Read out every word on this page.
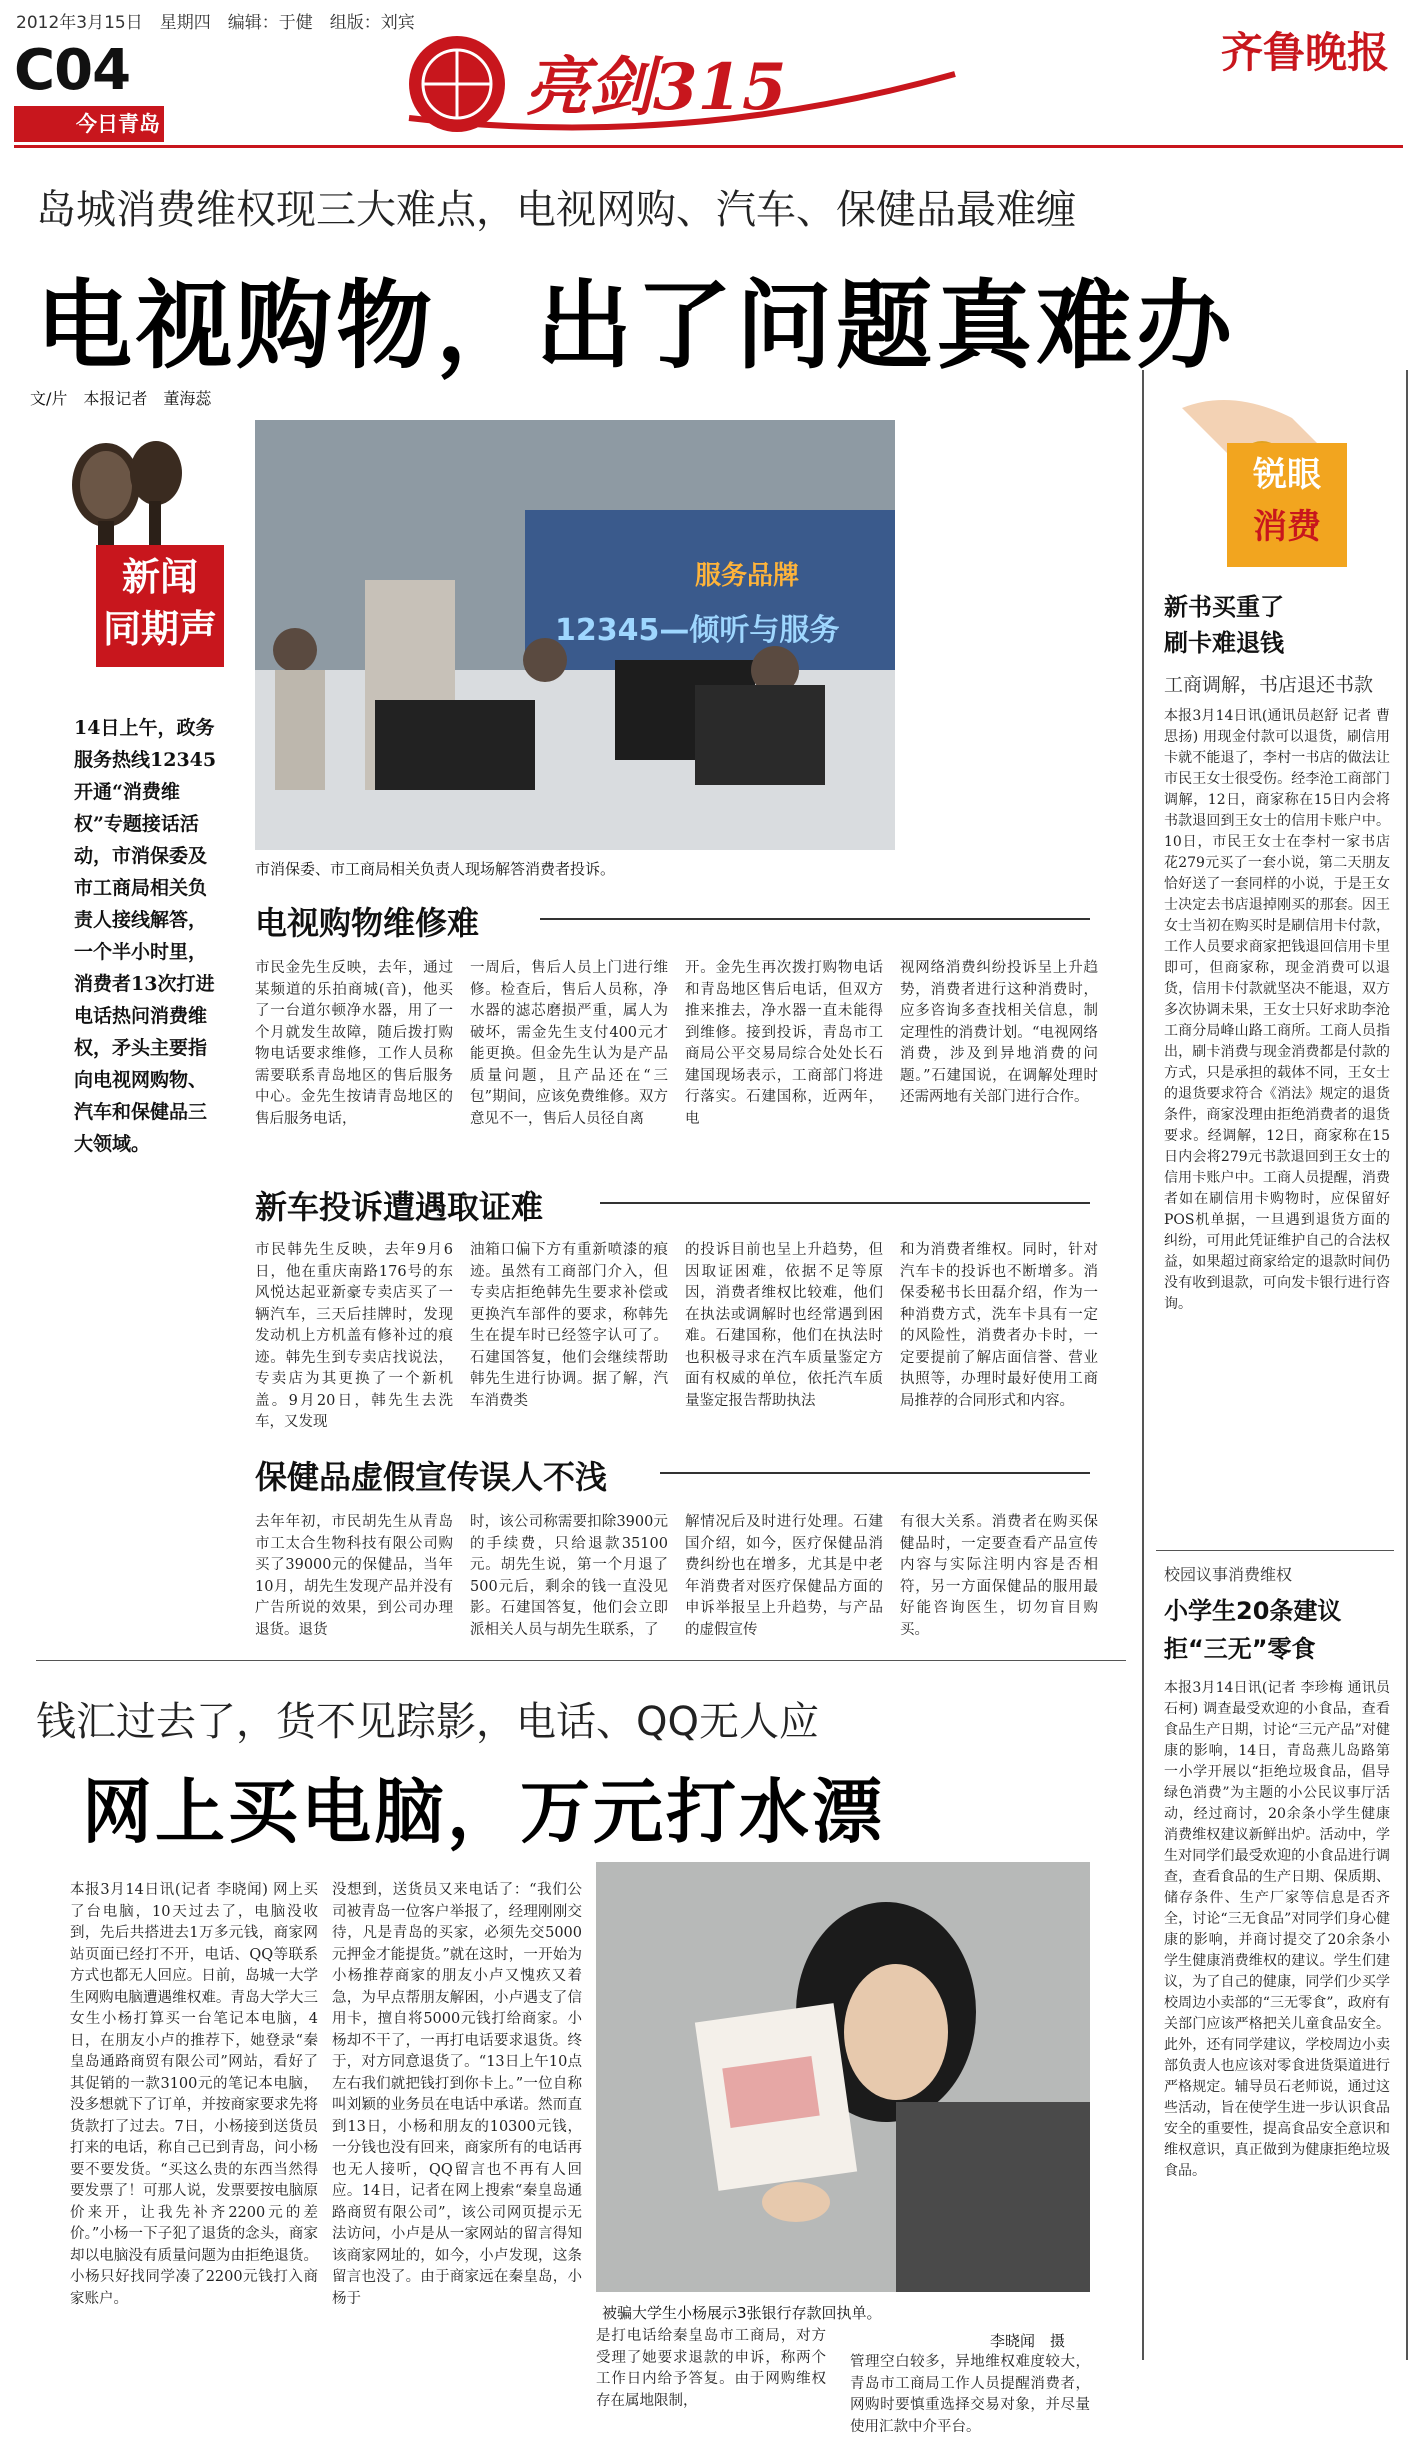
2012年3月15日　星期四　编辑：于健　组版：刘宾
C04
今日青岛	亮剑315	齐鲁晚报
岛城消费维权现三大难点，电视网购、汽车、保健品最难缠
电视购物，出了问题真难办
文/片　本报记者　董海蕊
新闻
同期声
14日上午，政务服务热线12345开通“消费维权”专题接话活动，市消保委及市工商局相关负责人接线解答，一个半小时里，消费者13次打进电话热问消费维权，矛头主要指向电视网购物、汽车和保健品三大领域。
服务品牌
12345—倾听与服务
市消保委、市工商局相关负责人现场解答消费者投诉。
电视购物维修难
市民金先生反映，去年，通过某频道的乐拍商城(音)，他买了一台道尔顿净水器，用了一个月就发生故障，随后拨打购物电话要求维修，工作人员称需要联系青岛地区的售后服务中心。金先生按请青岛地区的售后服务电话，
一周后，售后人员上门进行维修。检查后，售后人员称，净水器的滤芯磨损严重，属人为破坏，需金先生支付400元才能更换。但金先生认为是产品质量问题，且产品还在“三包”期间，应该免费维修。双方意见不一，售后人员径自离
开。金先生再次拨打购物电话和青岛地区售后电话，但双方推来推去，净水器一直未能得到维修。接到投诉，青岛市工商局公平交易局综合处处长石建国现场表示，工商部门将进行落实。石建国称，近两年，电
视网络消费纠纷投诉呈上升趋势，消费者进行这种消费时，应多咨询多查找相关信息，制定理性的消费计划。“电视网络消费，涉及到异地消费的问题。”石建国说，在调解处理时还需两地有关部门进行合作。
新车投诉遭遇取证难
市民韩先生反映，去年9月6日，他在重庆南路176号的东风悦达起亚新豪专卖店买了一辆汽车，三天后挂牌时，发现发动机上方机盖有修补过的痕迹。韩先生到专卖店找说法，专卖店为其更换了一个新机盖。9月20日，韩先生去洗车，又发现
油箱口偏下方有重新喷漆的痕迹。虽然有工商部门介入，但专卖店拒绝韩先生要求补偿或更换汽车部件的要求，称韩先生在提车时已经签字认可了。石建国答复，他们会继续帮助韩先生进行协调。据了解，汽车消费类
的投诉目前也呈上升趋势，但因取证困难，依据不足等原因，消费者维权比较难，他们在执法或调解时也经常遇到困难。石建国称，他们在执法时也积极寻求在汽车质量鉴定方面有权威的单位，依托汽车质量鉴定报告帮助执法
和为消费者维权。同时，针对汽车卡的投诉也不断增多。消保委秘书长田磊介绍，作为一种消费方式，洗车卡具有一定的风险性，消费者办卡时，一定要提前了解店面信誉、营业执照等，办理时最好使用工商局推荐的合同形式和内容。
保健品虚假宣传误人不浅
去年年初，市民胡先生从青岛市工太合生物科技有限公司购买了39000元的保健品，当年10月，胡先生发现产品并没有广告所说的效果，到公司办理退货。退货
时，该公司称需要扣除3900元的手续费，只给退款35100元。胡先生说，第一个月退了500元后，剩余的钱一直没见影。石建国答复，他们会立即派相关人员与胡先生联系，了
解情况后及时进行处理。石建国介绍，如今，医疗保健品消费纠纷也在增多，尤其是中老年消费者对医疗保健品方面的申诉举报呈上升趋势，与产品的虚假宣传
有很大关系。消费者在购买保健品时，一定要查看产品宣传内容与实际注明内容是否相符，另一方面保健品的服用最好能咨询医生，切勿盲目购买。
锐眼
消费
新书买重了
刷卡难退钱
工商调解，书店退还书款
本报3月14日讯(通讯员赵舒 记者 曹思扬) 用现金付款可以退货，刷信用卡就不能退了，李村一书店的做法让市民王女士很受伤。经李沧工商部门调解，12日，商家称在15日内会将书款退回到王女士的信用卡账户中。10日，市民王女士在李村一家书店花279元买了一套小说，第二天朋友恰好送了一套同样的小说，于是王女士决定去书店退掉刚买的那套。因王女士当初在购买时是刷信用卡付款，工作人员要求商家把钱退回信用卡里即可，但商家称，现金消费可以退货，信用卡付款就坚决不能退，双方多次协调未果，王女士只好求助李沧工商分局峰山路工商所。工商人员指出，刷卡消费与现金消费都是付款的方式，只是承担的载体不同，王女士的退货要求符合《消法》规定的退货条件，商家没理由拒绝消费者的退货要求。经调解，12日，商家称在15日内会将279元书款退回到王女士的信用卡账户中。工商人员提醒，消费者如在刷信用卡购物时，应保留好POS机单据，一旦遇到退货方面的纠纷，可用此凭证维护自己的合法权益，如果超过商家给定的退款时间仍没有收到退款，可向发卡银行进行咨询。
校园议事消费维权
小学生20条建议
拒“三无”零食
本报3月14日讯(记者 李珍梅 通讯员 石柯) 调查最受欢迎的小食品，查看食品生产日期，讨论“三元产品”对健康的影响，14日，青岛燕儿岛路第一小学开展以“拒绝垃圾食品，倡导绿色消费”为主题的小公民议事厅活动，经过商讨，20余条小学生健康消费维权建议新鲜出炉。活动中，学生对同学们最受欢迎的小食品进行调查，查看食品的生产日期、保质期、储存条件、生产厂家等信息是否齐全，讨论“三无食品”对同学们身心健康的影响，并商讨提交了20余条小学生健康消费维权的建议。学生们建议，为了自己的健康，同学们少买学校周边小卖部的“三无零食”，政府有关部门应该严格把关儿童食品安全。此外，还有同学建议，学校周边小卖部负责人也应该对零食进货渠道进行严格规定。辅导员石老师说，通过这些活动，旨在使学生进一步认识食品安全的重要性，提高食品安全意识和维权意识，真正做到为健康拒绝垃圾食品。
钱汇过去了，货不见踪影，电话、QQ无人应
网上买电脑，万元打水漂
本报3月14日讯(记者 李晓闻) 网上买了台电脑，10天过去了，电脑没收到，先后共搭进去1万多元钱，商家网站页面已经打不开，电话、QQ等联系方式也都无人回应。日前，岛城一大学生网购电脑遭遇维权难。青岛大学大三女生小杨打算买一台笔记本电脑，4日，在朋友小卢的推荐下，她登录“秦皇岛通路商贸有限公司”网站，看好了其促销的一款3100元的笔记本电脑，没多想就下了订单，并按商家要求先将货款打了过去。7日，小杨接到送货员打来的电话，称自己已到青岛，问小杨要不要发货。“买这么贵的东西当然得要发票了！可那人说，发票要按电脑原价来开，让我先补齐2200元的差价。”小杨一下子犯了退货的念头，商家却以电脑没有质量问题为由拒绝退货。小杨只好找同学凑了2200元钱打入商家账户。
没想到，送货员又来电话了：“我们公司被青岛一位客户举报了，经理刚刚交待，凡是青岛的买家，必须先交5000元押金才能提货。”就在这时，一开始为小杨推荐商家的朋友小卢又愧疚又着急，为早点帮朋友解困，小卢遇支了信用卡，擅自将5000元钱打给商家。小杨却不干了，一再打电话要求退货。终于，对方同意退货了。“13日上午10点左右我们就把钱打到你卡上。”一位自称叫刘颖的业务员在电话中承诺。然而直到13日，小杨和朋友的10300元钱，一分钱也没有回来，商家所有的电话再也无人接听，QQ留言也不再有人回应。14日，记者在网上搜索“秦皇岛通路商贸有限公司”，该公司网页提示无法访问，小卢是从一家网站的留言得知该商家网址的，如今，小卢发现，这条留言也没了。由于商家远在秦皇岛，小杨于
被骗大学生小杨展示3张银行存款回执单。
李晓闻　摄
是打电话给秦皇岛市工商局，对方受理了她要求退款的申诉，称两个工作日内给予答复。由于网购维权存在属地限制，
管理空白较多，异地维权难度较大，青岛市工商局工作人员提醒消费者，网购时要慎重选择交易对象，并尽量使用汇款中介平台。
